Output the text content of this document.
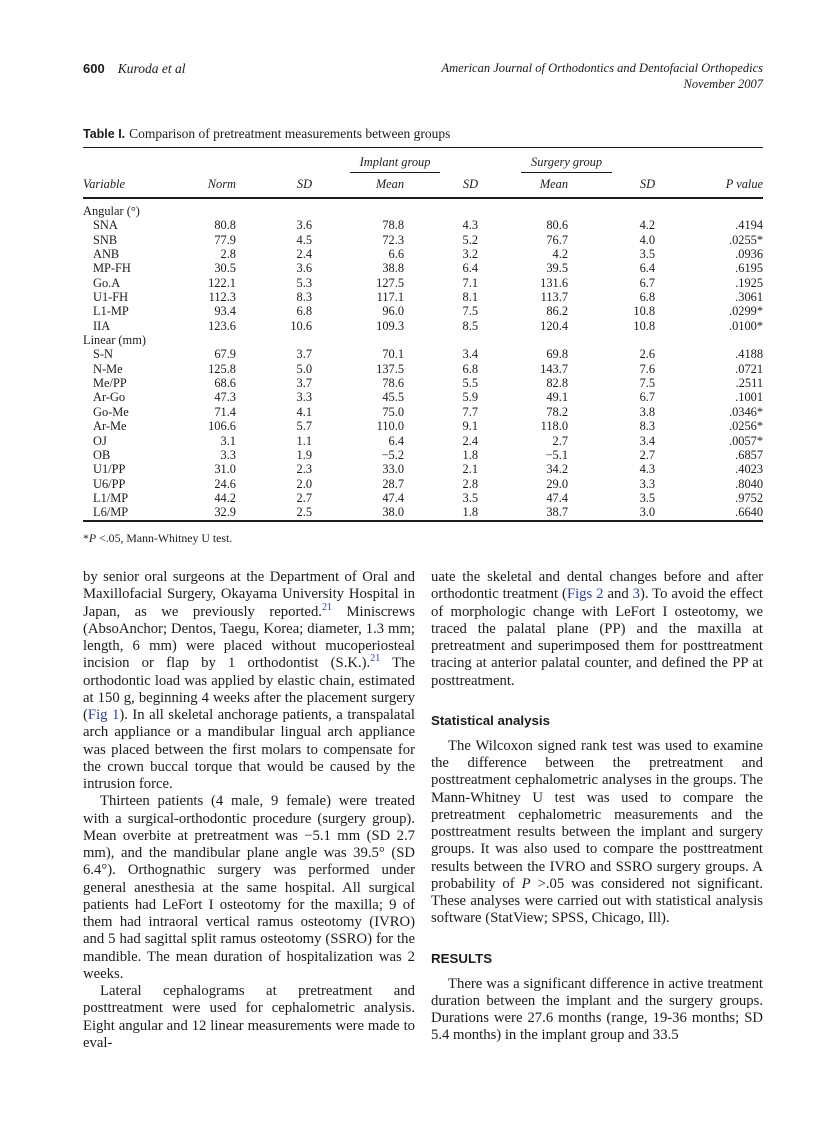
600 Kuroda et al	American Journal of Orthodontics and Dentofacial Orthopedics
November 2007
Table I. Comparison of pretreatment measurements between groups
			Implant group		Surgery group		
Variable	Norm	SD	Mean	SD	Mean	SD	P value
Angular (°)							
SNA	80.8	3.6	78.8	4.3	80.6	4.2	.4194
SNB	77.9	4.5	72.3	5.2	76.7	4.0	.0255*
ANB	2.8	2.4	6.6	3.2	4.2	3.5	.0936
MP-FH	30.5	3.6	38.8	6.4	39.5	6.4	.6195
Go.A	122.1	5.3	127.5	7.1	131.6	6.7	.1925
U1-FH	112.3	8.3	117.1	8.1	113.7	6.8	.3061
L1-MP	93.4	6.8	96.0	7.5	86.2	10.8	.0299*
IIA	123.6	10.6	109.3	8.5	120.4	10.8	.0100*
Linear (mm)							
S-N	67.9	3.7	70.1	3.4	69.8	2.6	.4188
N-Me	125.8	5.0	137.5	6.8	143.7	7.6	.0721
Me/PP	68.6	3.7	78.6	5.5	82.8	7.5	.2511
Ar-Go	47.3	3.3	45.5	5.9	49.1	6.7	.1001
Go-Me	71.4	4.1	75.0	7.7	78.2	3.8	.0346*
Ar-Me	106.6	5.7	110.0	9.1	118.0	8.3	.0256*
OJ	3.1	1.1	6.4	2.4	2.7	3.4	.0057*
OB	3.3	1.9	−5.2	1.8	−5.1	2.7	.6857
U1/PP	31.0	2.3	33.0	2.1	34.2	4.3	.4023
U6/PP	24.6	2.0	28.7	2.8	29.0	3.3	.8040
L1/MP	44.2	2.7	47.4	3.5	47.4	3.5	.9752
L6/MP	32.9	2.5	38.0	1.8	38.7	3.0	.6640
*P <.05, Mann-Whitney U test.

by senior oral surgeons at the Department of Oral and Maxillofacial Surgery, Okayama University Hospital in Japan, as we previously reported.$^{21}$ Miniscrews (AbsoAnchor; Dentos, Taegu, Korea; diameter, 1.3 mm; length, 6 mm) were placed without mucoperiosteal incision or flap by 1 orthodontist (S.K.).$^{21}$ The orthodontic load was applied by elastic chain, estimated at 150 g, beginning 4 weeks after the placement surgery (Fig 1). In all skeletal anchorage patients, a transpalatal arch appliance or a mandibular lingual arch appliance was placed between the first molars to compensate for the crown buccal torque that would be caused by the intrusion force.

Thirteen patients (4 male, 9 female) were treated with a surgical-orthodontic procedure (surgery group). Mean overbite at pretreatment was −5.1 mm (SD 2.7 mm), and the mandibular plane angle was 39.5° (SD 6.4°). Orthognathic surgery was performed under general anesthesia at the same hospital. All surgical patients had LeFort I osteotomy for the maxilla; 9 of them had intraoral vertical ramus osteotomy (IVRO) and 5 had sagittal split ramus osteotomy (SSRO) for the mandible. The mean duration of hospitalization was 2 weeks.

Lateral cephalograms at pretreatment and posttreatment were used for cephalometric analysis. Eight angular and 12 linear measurements were made to eval-

uate the skeletal and dental changes before and after orthodontic treatment (Figs 2 and 3). To avoid the effect of morphologic change with LeFort I osteotomy, we traced the palatal plane (PP) and the maxilla at pretreatment and superimposed them for posttreatment tracing at anterior palatal counter, and defined the PP at posttreatment.

Statistical analysis

The Wilcoxon signed rank test was used to examine the difference between the pretreatment and posttreatment cephalometric analyses in the groups. The Mann-Whitney U test was used to compare the pretreatment cephalometric measurements and the posttreatment results between the implant and surgery groups. It was also used to compare the posttreatment results between the IVRO and SSRO surgery groups. A probability of P >.05 was considered not significant. These analyses were carried out with statistical analysis software (StatView; SPSS, Chicago, Ill).

RESULTS

There was a significant difference in active treatment duration between the implant and the surgery groups. Durations were 27.6 months (range, 19-36 months; SD 5.4 months) in the implant group and 33.5
